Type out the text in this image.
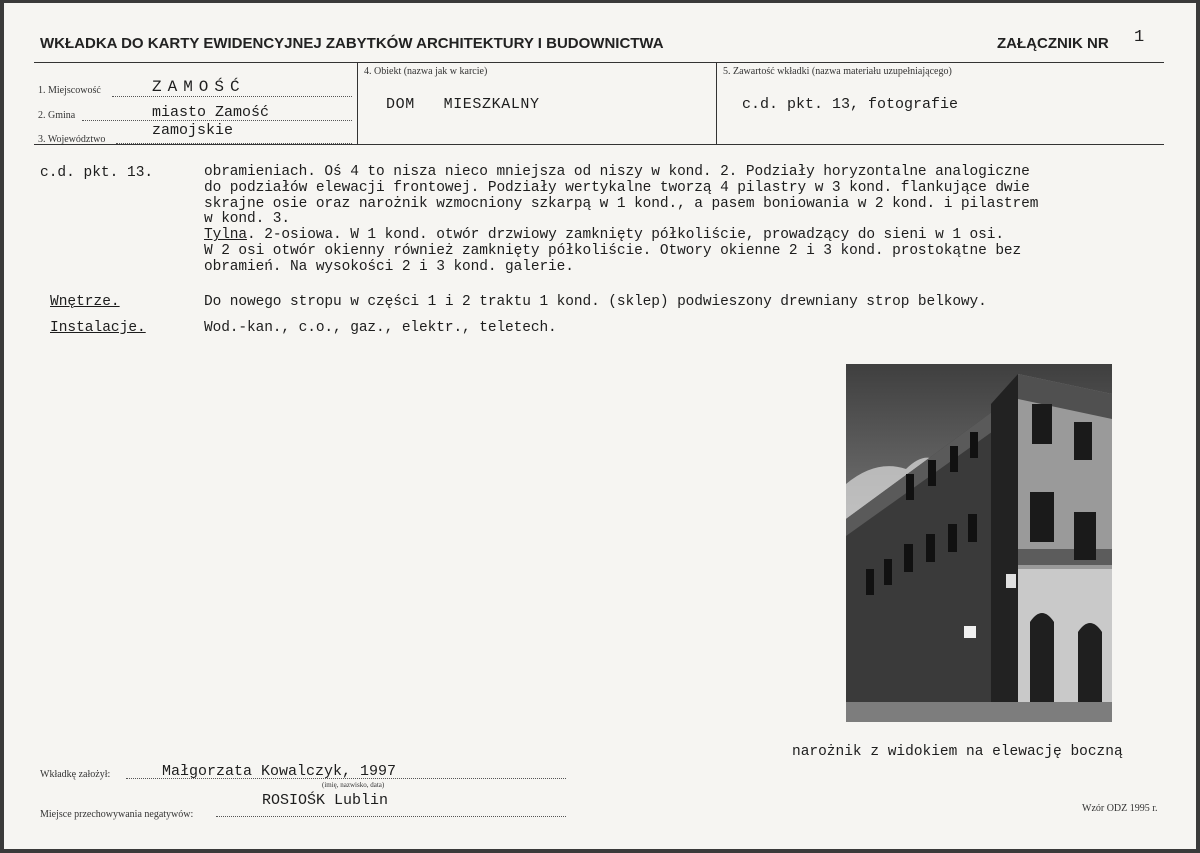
WKŁADKA DO KARTY EWIDENCYJNEJ ZABYTKÓW ARCHITEKTURY I BUDOWNICTWA	ZAŁĄCZNIK NR 1
1. Miejscowość	ZAMOŚĆ
2. Gmina	miasto Zamość
3. Województwo
zamojskie
4. Obiekt (nazwa jak w karcie)
DOM   MIESZKALNY
5. Zawartość wkładki (nazwa materiału uzupełniającego)
c.d. pkt. 13, fotografie
c.d. pkt. 13.	obramieniach. Oś 4 to nisza nieco mniejsza od niszy w kond. 2. Podziały horyzontalne analogiczne
do podziałów elewacji frontowej. Podziały wertykalne tworzą 4 pilastry w 3 kond. flankujące dwie
skrajne osie oraz narożnik wzmocniony szkarpą w 1 kond., a pasem boniowania w 2 kond. i pilastrem
w kond. 3.
Tylna. 2-osiowa. W 1 kond. otwór drzwiowy zamknięty półkoliście, prowadzący do sieni w 1 osi.
W 2 osi otwór okienny również zamknięty półkoliście. Otwory okienne 2 i 3 kond. prostokątne bez
obramień. Na wysokości 2 i 3 kond. galerie.
Wnętrze.	Do nowego stropu w części 1 i 2 traktu 1 kond. (sklep) podwieszony drewniany strop belkowy.
Instalacje.	Wod.-kan., c.o., gaz., elektr., teletech.
narożnik z widokiem na elewację boczną
Wkładkę założył:	Małgorzata Kowalczyk, 1997
(imię, nazwisko, data)
Miejsce przechowywania negatywów:
ROSIOŚK Lublin	Wzór ODZ 1995 r.
